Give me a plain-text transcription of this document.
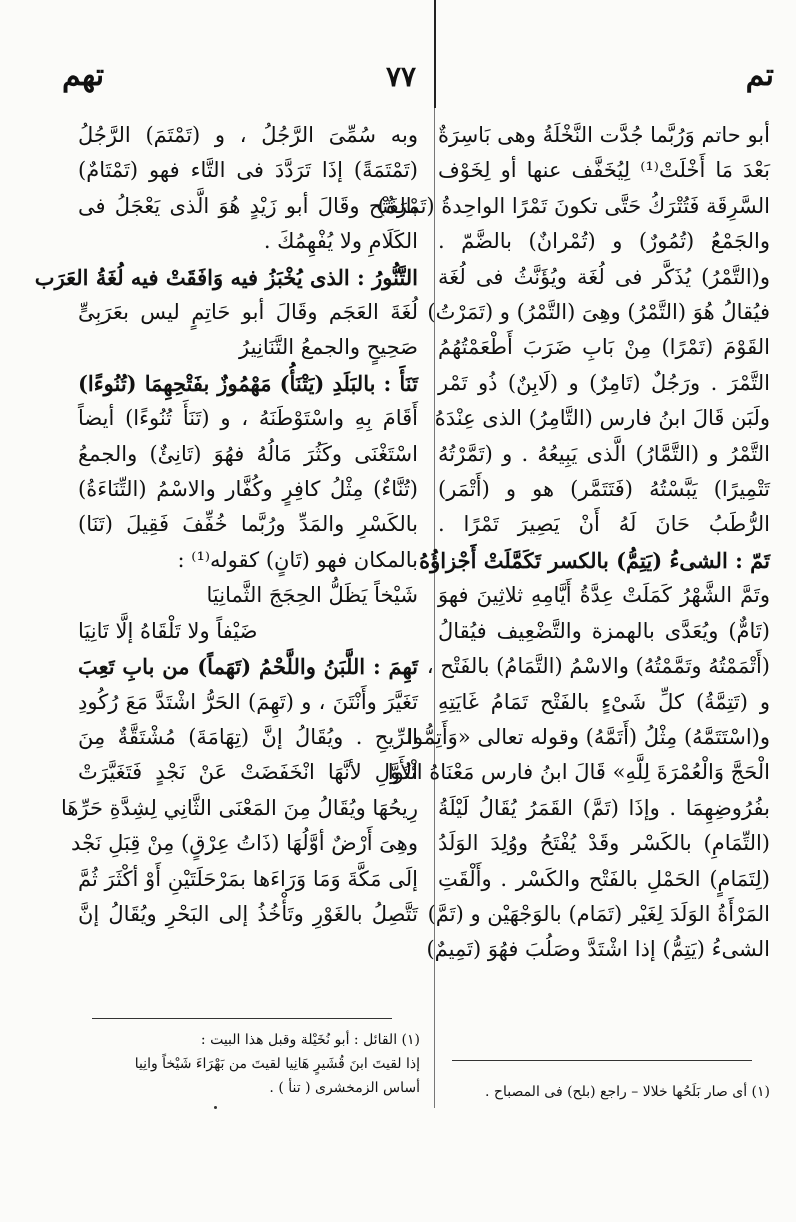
تم
٧٧
تهم
أبو حاتم وَرُبَّما جُدَّت النَّخْلَةُ وهى بَاسِرَةٌ
بَعْدَ مَا أَخْلَتْ⁽¹⁾ لِيُخَفَّف عنها أو لِخَوْف
السَّرِقَة فَتُتْرَكُ حَتَّى تكونَ تَمْرًا الواحِدةُ (تَمْرَةٌ)
والجَمْعُ (تُمُورٌ) و (تُمْرانٌ) بالضَّمّ .
و(التَّمْرُ) يُذَكَّر فى لُغَة ويُؤَنَّثُ فى لُغَة
فيُقالُ هُوَ (التَّمْرُ) وهِىَ (التَّمْرُ) و (تَمَرْتُ)
القَوْمَ (تَمْرًا) مِنْ بَابِ ضَرَبَ أَطْعَمْتُهُمُ
التَّمْرَ . ورَجُلٌ (تَامِرٌ) و (لَابِنٌ) ذُو تَمْر
ولَبَن قَالَ ابنُ فارس (التَّامِرُ) الذى عِنْدَهُ
التَّمْرُ و (التَّمَّارُ) الَّذى يَبِيعُهُ . و (تَمَّرْتُهُ
تَتْمِيرًا) يَبَّسْتُهُ (فَتَتَمَّر) هو و (أَتْمَر)
الرُّطَبُ حَانَ لَهُ أَنْ يَصِيرَ تَمْرًا .
تَمّ : الشىءُ (يَتِمُّ) بالكسر تَكَمَّلَتْ أَجْزاؤُهُ
وتَمَّ الشَّهْرُ كَمَلَتْ عِدَّةُ أَيَّامِهِ ثلاثِينَ فهوَ
(تَامٌّ) ويُعَدَّى بالهمزة والتَّضْعِيف فيُقالُ
(أَتْمَمْتُهُ وتَمَّمْتُهُ) والاسْمُ (التَّمَامُ) بالفَتْح ،
و (تَتِمَّةُ) كلِّ شَىْءٍ بالفَتْح تَمَامُ غَايَتِهِ
و(اسْتَتَمَّهُ) مِثْلُ (أَتَمَّهُ) وقوله تعالى «وَأَتِمُّوا
الْحَجَّ وَالْعُمْرَةَ لِلَّهِ» قَالَ ابنُ فارس مَعْنَاهُ ائْتُوا
بفُرُوضِهِمَا . وإذَا (تَمَّ) القَمَرُ يُقَالُ لَيْلَةُ
(التِّمَامِ) بالكَسْر وقَدْ يُفْتَحُ ووُلِدَ الوَلَدُ
(لِتَمَامٍ) الحَمْلِ بالفَتْح والكَسْر . وأَلْقَتِ
المَرْأَةُ الوَلَدَ لِغَيْر (تَمَام) بالوَجْهَيْن و (تَمَّ)
الشىءُ (يَتِمُّ) إذا اشْتَدَّ وصَلُبَ فهُوَ (تَمِيمٌ)
وبه سُمِّىَ الرَّجُلُ ، و (تَمْتَمَ) الرَّجُلُ
(تَمْتَمَةً) إذَا تَرَدَّدَ فى التَّاء فهو (تَمْتَامٌ)
بالفَتْح وقَالَ أبو زَيْدٍ هُوَ الَّذى يَعْجَلُ فى
الكَلَامِ ولا يُفْهِمُكَ .
التَّنُّورُ : الذى يُخْبَزُ فيه وَافَقَتْ فيه لُغَةُ العَرَب
لُغَةَ العَجَم وقَالَ أبو حَاتِمٍ ليس بعَرَبِىٍّ
صَحِيحٍ والجمعُ التَّنَانِيرُ
تَنَأَ : بالبَلَدِ (يَتْنَأُ) مَهْمُوزٌ بفَتْحِهِمَا (تُنُوءًا)
أَقَامَ بِهِ واسْتَوْطَنَهُ ، و (تَنَأَ تُنُوءًا) أيضاً
اسْتَغْنَى وكَثُرَ مَالُهُ فهُوَ (تَانِئٌ) والجمعُ
(تُنَّاءٌ) مِثْلُ كافِرٍ وكُفَّار والاسْمُ (التِّنَاءَةُ)
بالكَسْرِ والمَدِّ ورُبَّما خُفِّفَ فَقِيلَ (تَنَا)
بالمكان فهو (تَانٍ) كقوله⁽¹⁾ :
شَيْخاً يَظَلُّ الحِجَجَ الثَّمانِيَا
ضَيْفاً ولا تَلْقَاهُ إلَّا تَانِيَا
تَهِمَ : اللَّبَنُ واللَّحْمُ (تَهَماً) من بابِ تَعِبَ
تَغَيَّرَ وأَنْتَنَ ، و (تَهِمَ) الحَرُّ اشْتَدَّ مَعَ رُكُودِ
الرِّيحِ . ويُقَالُ إنَّ (تِهَامَةَ) مُشْتَقَّةٌ مِنَ
الأَوَّلِ لأنَّهَا انْخَفَضَتْ عَنْ نَجْدٍ فَتَغَيَّرَتْ
رِيحُهَا ويُقَالُ مِنَ المَعْنَى الثَّانِي لِشِدَّةِ حَرِّهَا
وهِىَ أَرْضٌ أوَّلُهَا (ذَاتُ عِرْقٍ) مِنْ قِبَلِ نَجْد
إلَى مَكَّةَ وَمَا وَرَاءَها بمَرْحَلَتَيْنِ أَوْ أكْثَرَ ثُمَّ
تَتَّصِلُ بالغَوْرِ وتَأْخُذُ إلى البَحْرِ ويُقَالُ إنَّ
(١) القائل : أبو نُخَيْلة وقبل هذا البيت :
إذا لقيتَ ابنَ قُشَيرٍ هَانِيا لقيتَ من بَهْرَاءَ شَيْخاً وانِيا
أساس الزمخشرى ( تنأ ) .	(١) أى صار بَلَحُها خلالا – راجع (بلح) فى المصباح .
